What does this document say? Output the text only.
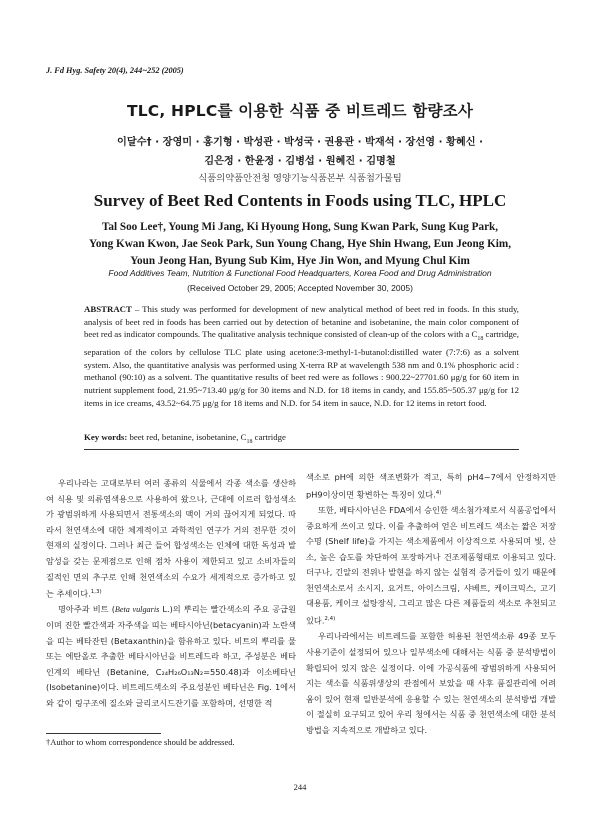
J. Fd Hyg. Safety 20(4), 244~252 (2005)
TLC, HPLC를 이용한 식품 중 비트레드 함량조사
이달수† · 장영미 · 홍기형 · 박성관 · 박성국 · 권용관 · 박재석 · 장선영 · 황혜신 ·
김은정 · 한윤정 · 김병섭 · 원혜진 · 김명철
식품의약품안전청 영양기능식품본부 식품첨가물팀
Survey of Beet Red Contents in Foods using TLC, HPLC
Tal Soo Lee†, Young Mi Jang, Ki Hyoung Hong, Sung Kwan Park, Sung Kug Park,
Yong Kwan Kwon, Jae Seok Park, Sun Young Chang, Hye Shin Hwang, Eun Jeong Kim,
Youn Jeong Han, Byung Sub Kim, Hye Jin Won, and Myung Chul Kim
Food Additives Team, Nutrition & Functional Food Headquarters, Korea Food and Drug Administration
(Received October 29, 2005; Accepted November 30, 2005)
ABSTRACT – This study was performed for development of new analytical method of beet red in foods. In this study, analysis of beet red in foods has been carried out by detection of betanine and isobetanine, the main color component of beet red as indicator compounds. The qualitative analysis technique consisted of clean-up of the colors with a $C_{18}$ cartridge, separation of the colors by cellulose TLC plate using acetone:3-methyl-1-butanol:distilled water (7:7:6) as a solvent system. Also, the quantitative analysis was performed using X-terra RP at wavelength 538 nm and 0.1% phosphoric acid : methanol (90:10) as a solvent. The quantitative results of beet red were as follows : 900.22~27701.60 μg/g for 60 item in nutrient supplement food, 21.95~713.40 μg/g for 30 items and N.D. for 18 items in candy, and 155.85~505.37 μg/g for 12 items in ice creams, 43.52~64.75 μg/g for 18 items and N.D. for 54 item in sauce, N.D. for 12 items in retort food.
Key words: beet red, betanine, isobetanine, $C_{18}$ cartridge

우리나라는 고대로부터 여러 종류의 식물에서 각종 색소를 생산하여 식용 및 의류염색용으로 사용하여 왔으나, 근대에 이르러 합성색소가 광범위하게 사용되면서 전통색소의 맥이 거의 끊어지게 되었다. 따라서 천연색소에 대한 체계적이고 과학적인 연구가 거의 전무한 것이 현재의 실정이다. 그러나 최근 들어 합성색소는 인체에 대한 독성과 발암성을 갖는 문제점으로 인해 점차 사용이 제한되고 있고 소비자들의 질적인 면의 추구로 인해 천연색소의 수요가 세계적으로 증가하고 있는 추세이다.$^{1,3)}$

명아주과 비트 (Beta vulgaris L.)의 뿌리는 빨간색소의 주요 공급원이며 진한 빨간색과 자주색을 띠는 베타시아닌(betacyanin)과 노란색을 띠는 베타잔틴 (Betaxanthin)을 함유하고 있다. 비트의 뿌리를 물 또는 에탄올로 추출한 베타시아닌을 비트레드라 하고, 주성분은 베타인계의 베타닌 (Betanine, C₂₄H₂₆O₁₃N₂=550.48)과 이소베타닌 (Isobetanine)이다. 비트레드색소의 주요성분인 베타닌은 Fig. 1에서와 같이 링구조에 질소와 글리코시드잔기를 포함하며, 선명한 적

색소로 pH에 의한 색조변화가 적고, 특히 pH4~7에서 안정하지만 pH9이상이면 황변하는 특징이 있다.$^{4)}$

또한, 베타시아닌은 FDA에서 승인한 색소첨가제로서 식품공업에서 중요하게 쓰이고 있다. 이를 추출하여 얻은 비트레드 색소는 짧은 저장수명 (Shelf life)을 가지는 색소제품에서 이상적으로 사용되며 빛, 산소, 높은 습도를 차단하여 포장하거나 건조제품형태로 이용되고 있다. 더구나, 긴알의 전위나 발현을 하지 않는 실험적 증거들이 있기 때문에 천연색소로서 소시지, 요거트, 아이스크림, 샤베트, 케이크믹스, 고기대용품, 케이크 설탕장식, 그리고 많은 다른 제품들의 색소로 추천되고 있다.$^{2,4)}$

우리나라에서는 비트레드를 포함한 허용된 천연색소류 49종 모두 사용기준이 설정되어 있으나 일부색소에 대해서는 식품 중 분석방법이 확립되어 있지 않은 실정이다. 이에 가공식품에 광범위하게 사용되어지는 색소를 식품위생상의 관점에서 보았을 때 사후 품질관리에 어려움이 있어 현재 일반분석에 응용할 수 있는 천연색소의 분석방법 개발이 절실히 요구되고 있어 우리 청에서는 식품 중 천연색소에 대한 분석방법을 지속적으로 개발하고 있다.

†Author to whom correspondence should be addressed.
244
